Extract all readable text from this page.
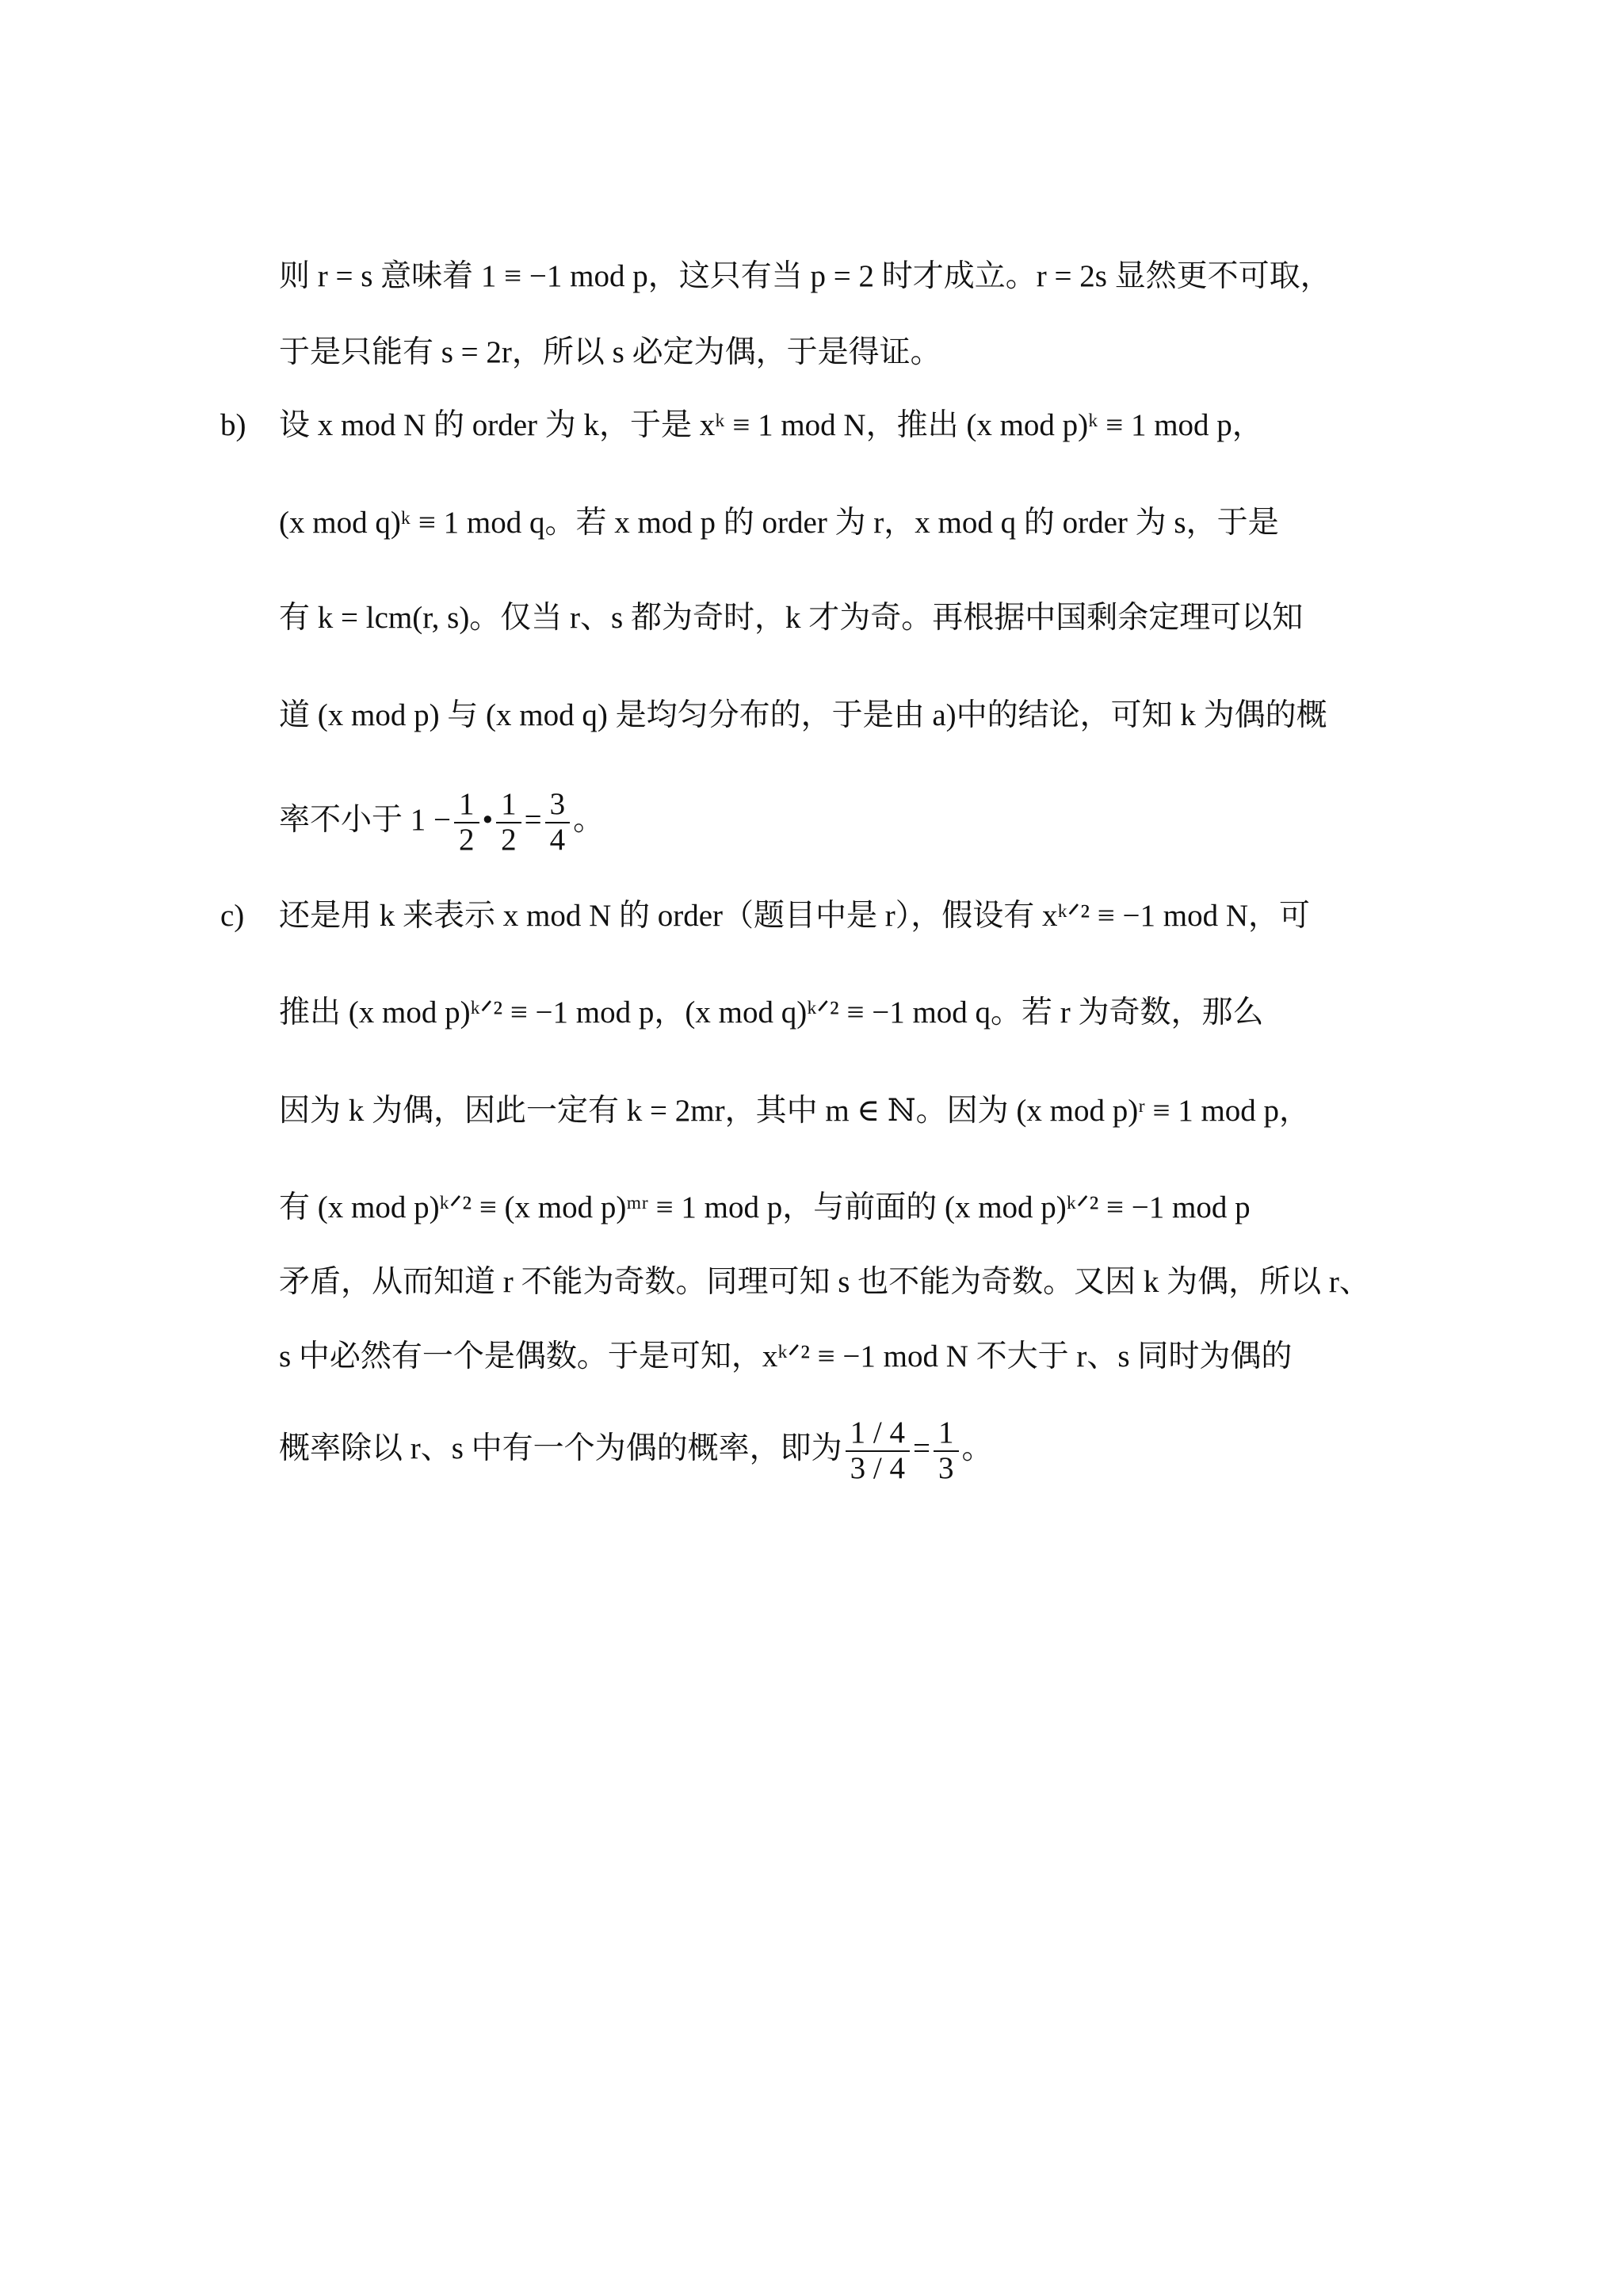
则 r = s 意味着 1 ≡ −1 mod p，这只有当 p = 2 时才成立。r = 2s 显然更不可取，
于是只能有 s = 2r，所以 s 必定为偶，于是得证。
b) 设 x mod N 的 order 为 k，于是 xᵏ ≡ 1 mod N，推出 (x mod p)ᵏ ≡ 1 mod p，
(x mod q)ᵏ ≡ 1 mod q。若 x mod p 的 order 为 r，x mod q 的 order 为 s，于是
有 k = lcm(r, s)。仅当 r、s 都为奇时，k 才为奇。再根据中国剩余定理可以知
道 (x mod p) 与 (x mod q) 是均匀分布的，于是由 a)中的结论，可知 k 为偶的概
率不小于 $1 - \frac{1}{2}$ • $\frac{1}{2} = \frac{3}{4}$ 。
c) 还是用 k 来表示 x mod N 的 order（题目中是 r），假设有 xᵏᐟ² ≡ −1 mod N，可
推出 (x mod p)ᵏᐟ² ≡ −1 mod p，(x mod q)ᵏᐟ² ≡ −1 mod q。若 r 为奇数，那么
因为 k 为偶，因此一定有 k = 2mr，其中 m ∈ ℕ。因为 (x mod p)ʳ ≡ 1 mod p，
有 (x mod p)ᵏᐟ² ≡ (x mod p)ᵐʳ ≡ 1 mod p，与前面的 (x mod p)ᵏᐟ² ≡ −1 mod p
矛盾，从而知道 r 不能为奇数。同理可知 s 也不能为奇数。又因 k 为偶，所以 r、
s 中必然有一个是偶数。于是可知，xᵏᐟ² ≡ −1 mod N 不大于 r、s 同时为偶的
概率除以 r、s 中有一个为偶的概率，即为 $\frac{1 / 4}{3 / 4} = \frac{1}{3}$ 。
